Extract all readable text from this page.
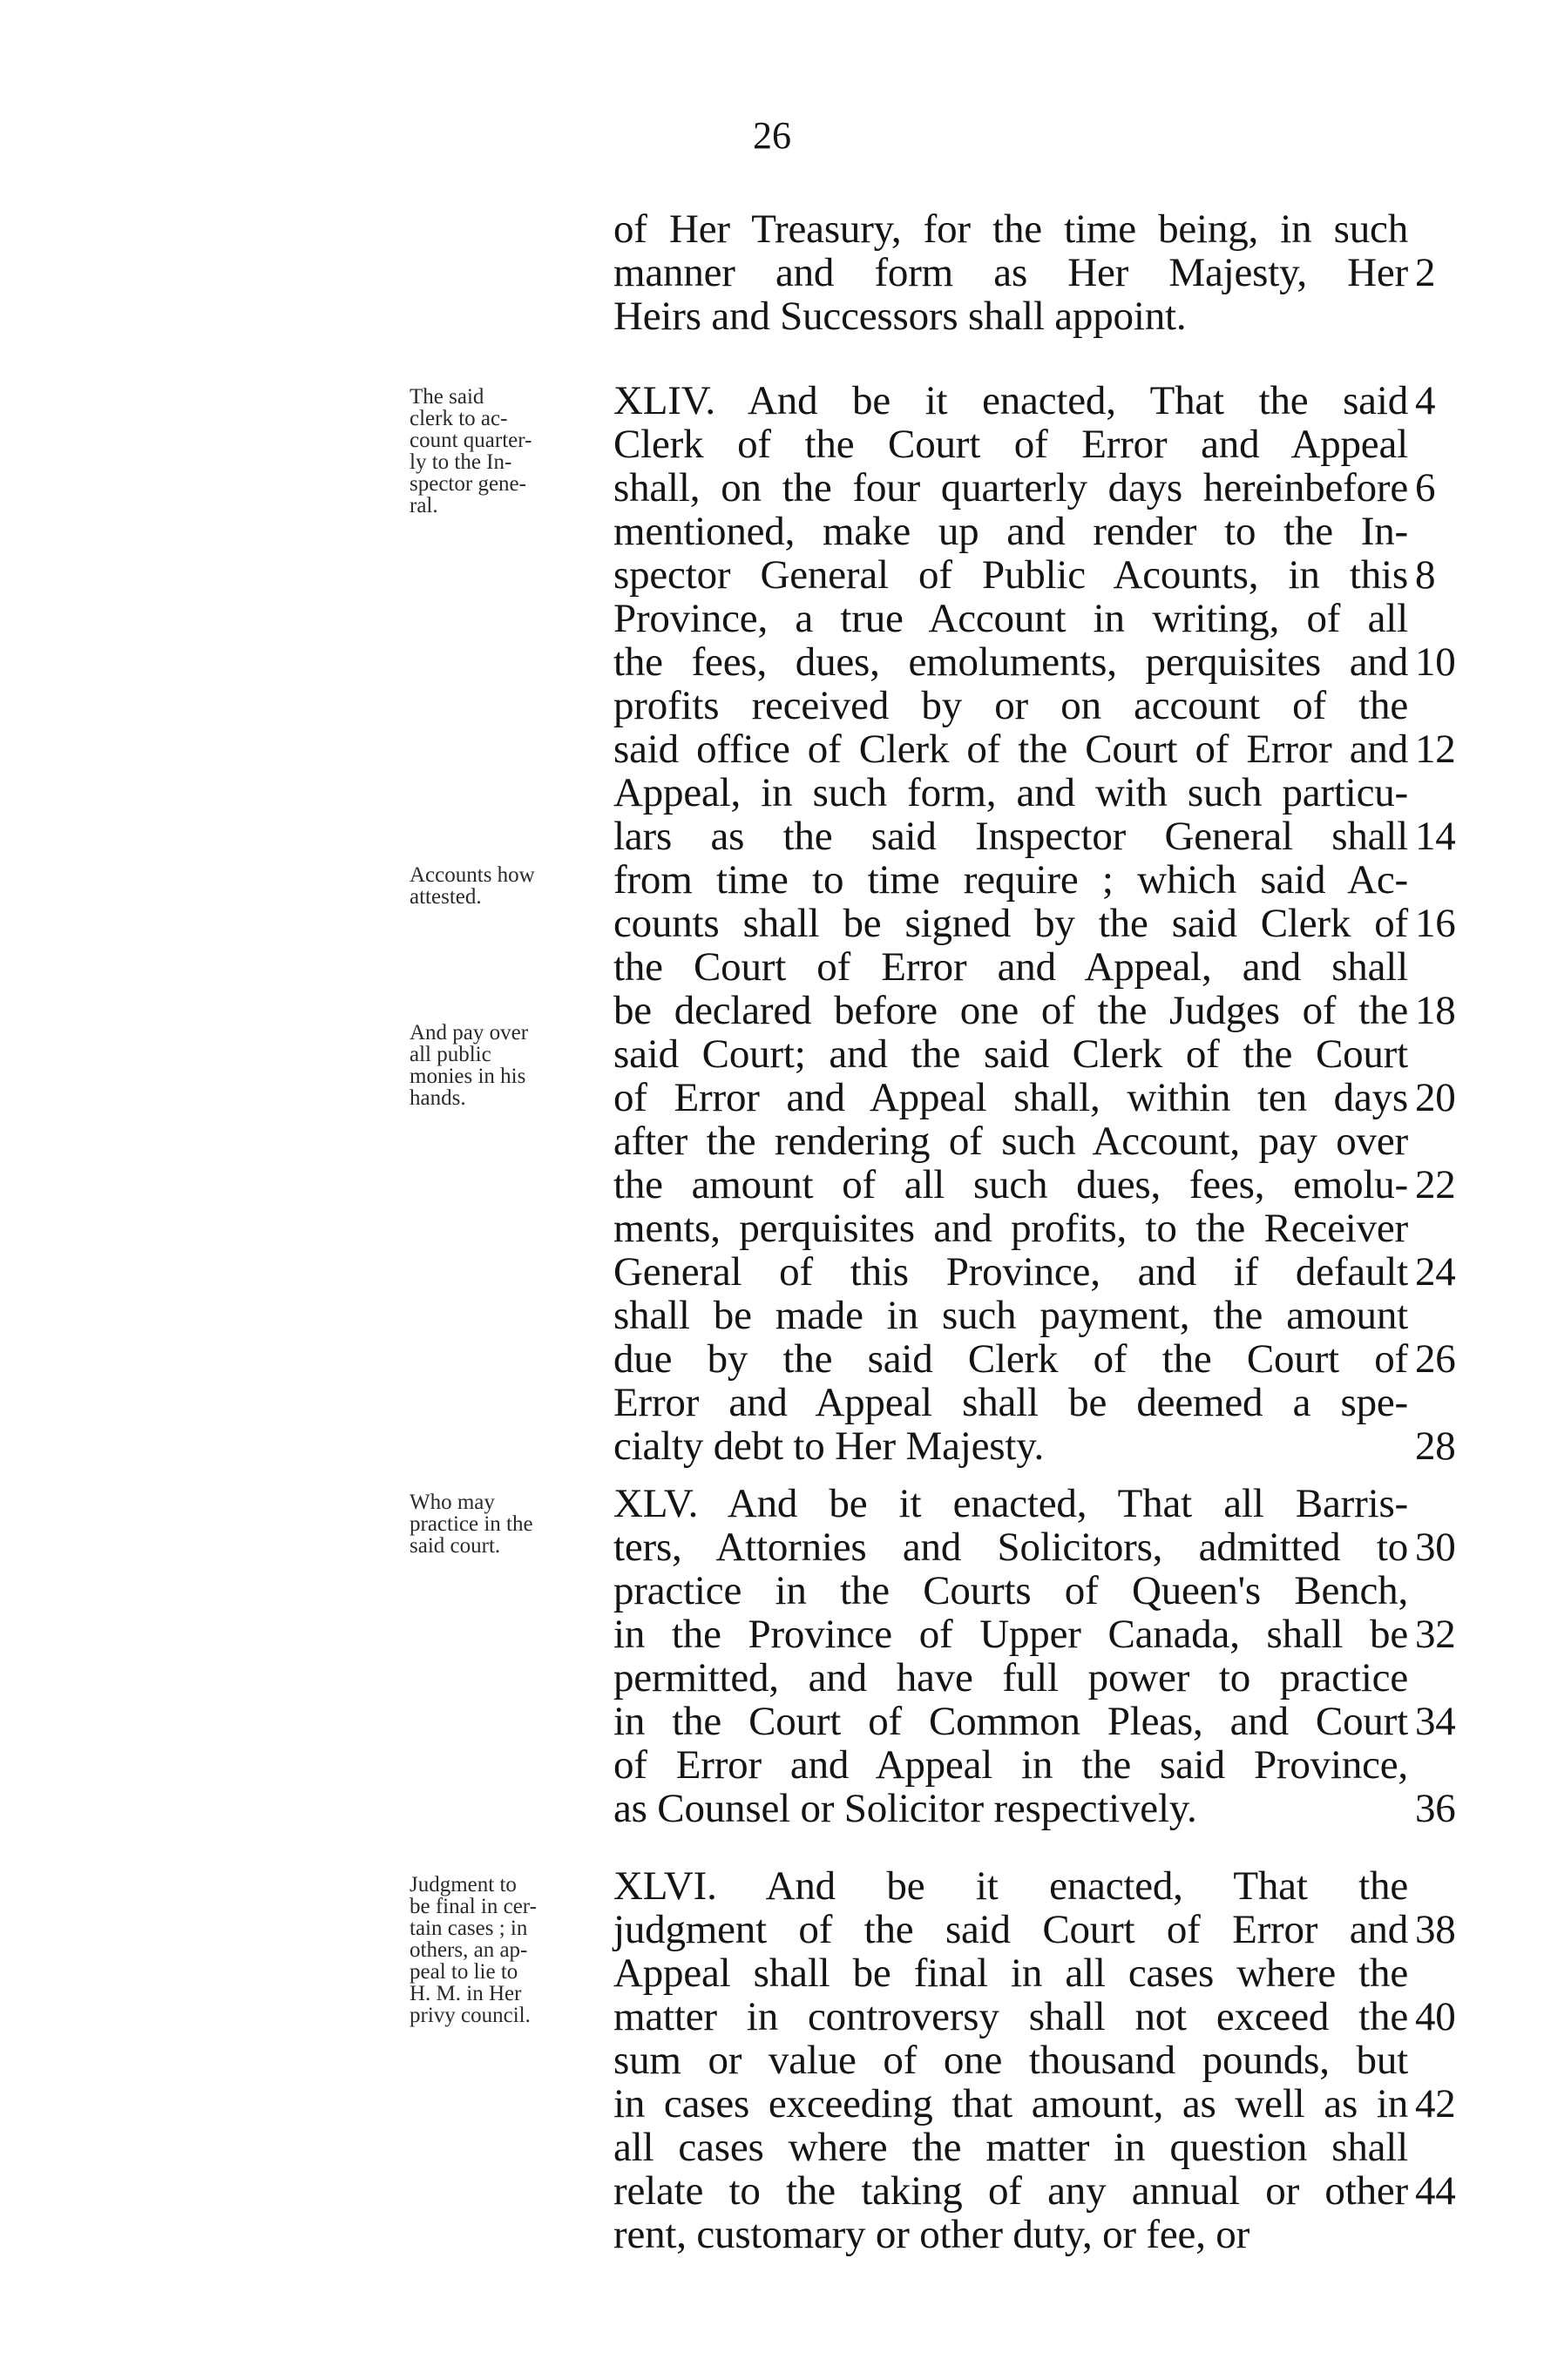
26
of Her Treasury, for the time being, in such
manner and form as Her Majesty, Her 2
Heirs and Successors shall appoint.
XLIV. And be it enacted, That the said 4
Clerk of the Court of Error and Appeal
shall, on the four quarterly days hereinbefore 6
mentioned, make up and render to the In-
spector General of Public Acounts, in this 8
Province, a true Account in writing, of all
the fees, dues, emoluments, perquisites and 10
profits received by or on account of the
said office of Clerk of the Court of Error and 12
Appeal, in such form, and with such particu-
lars as the said Inspector General shall 14
from time to time require ; which said Ac-
counts shall be signed by the said Clerk of 16
the Court of Error and Appeal, and shall
be declared before one of the Judges of the 18
said Court; and the said Clerk of the Court
of Error and Appeal shall, within ten days 20
after the rendering of such Account, pay over
the amount of all such dues, fees, emolu- 22
ments, perquisites and profits, to the Receiver
General of this Province, and if default 24
shall be made in such payment, the amount
due by the said Clerk of the Court of 26
Error and Appeal shall be deemed a spe-
cialty debt to Her Majesty.	28
XLV. And be it enacted, That all Barris-
ters, Attornies and Solicitors, admitted to 30
practice in the Courts of Queen's Bench,
in the Province of Upper Canada, shall be 32
permitted, and have full power to practice
in the Court of Common Pleas, and Court 34
of Error and Appeal in the said Province,
as Counsel or Solicitor respectively.	36
XLVI. And be it enacted, That the
judgment of the said Court of Error and 38
Appeal shall be final in all cases where the
matter in controversy shall not exceed the 40
sum or value of one thousand pounds, but
in cases exceeding that amount, as well as in 42
all cases where the matter in question shall
relate to the taking of any annual or other 44
rent, customary or other duty, or fee, or
The said
clerk to ac-
count quarter-
ly to the In-
spector gene-
ral.
Accounts how
attested.
And pay over
all public
monies in his
hands.
Who may
practice in the
said court.
Judgment to
be final in cer-
tain cases ; in
others, an ap-
peal to lie to
H. M. in Her
privy council.
